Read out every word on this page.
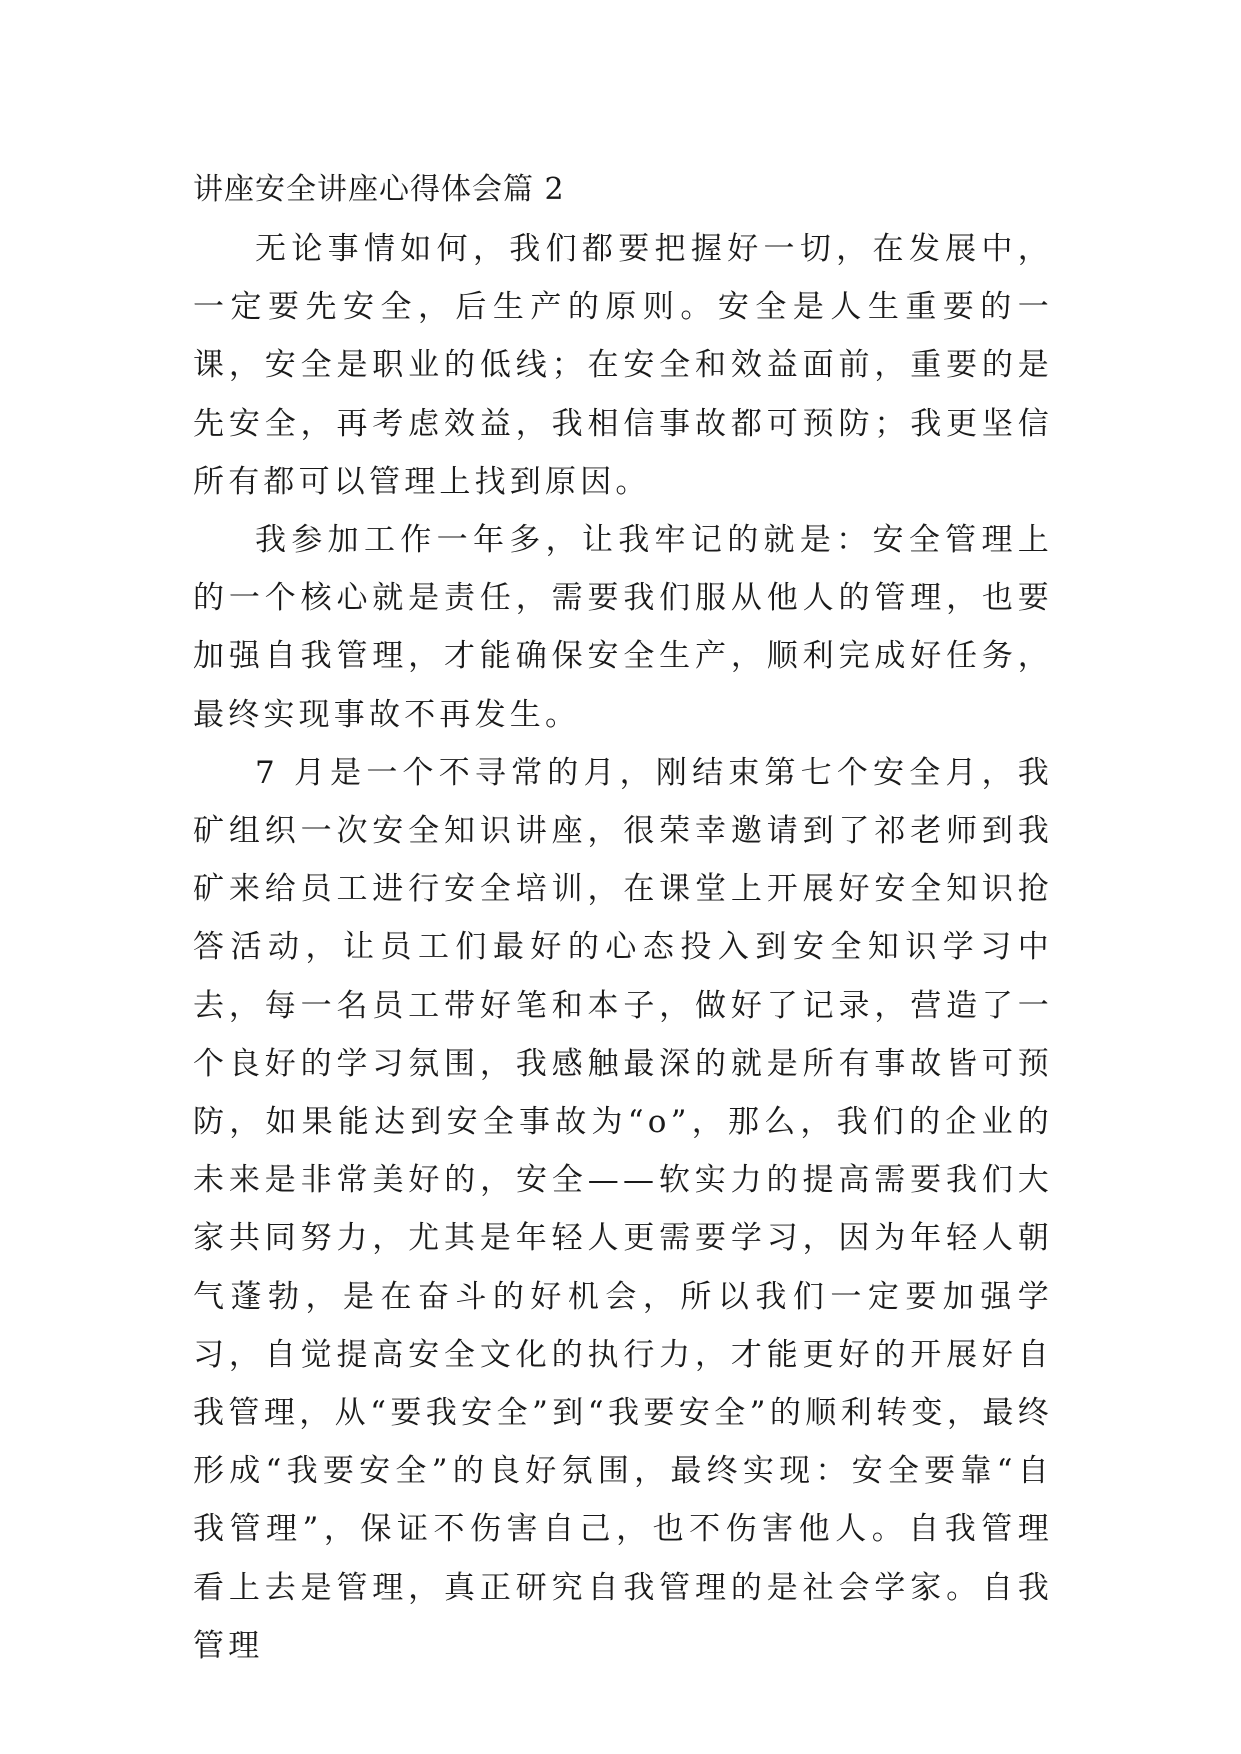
讲座安全讲座心得体会篇 2

无论事情如何，我们都要把握好一切，在发展中，一定要先安全，后生产的原则。安全是人生重要的一课，安全是职业的低线；在安全和效益面前，重要的是先安全，再考虑效益，我相信事故都可预防；我更坚信所有都可以管理上找到原因。

我参加工作一年多，让我牢记的就是：安全管理上的一个核心就是责任，需要我们服从他人的管理，也要加强自我管理，才能确保安全生产，顺利完成好任务，最终实现事故不再发生。

7 月是一个不寻常的月，刚结束第七个安全月，我矿组织一次安全知识讲座，很荣幸邀请到了祁老师到我矿来给员工进行安全培训，在课堂上开展好安全知识抢答活动，让员工们最好的心态投入到安全知识学习中去，每一名员工带好笔和本子，做好了记录，营造了一个良好的学习氛围，我感触最深的就是所有事故皆可预防，如果能达到安全事故为“o”，那么，我们的企业的未来是非常美好的，安全——软实力的提高需要我们大家共同努力，尤其是年轻人更需要学习，因为年轻人朝气蓬勃，是在奋斗的好机会，所以我们一定要加强学习，自觉提高安全文化的执行力，才能更好的开展好自我管理，从“要我安全”到“我要安全”的顺利转变，最终形成“我要安全”的良好氛围，最终实现：安全要靠“自我管理”，保证不伤害自己，也不伤害他人。自我管理看上去是管理，真正研究自我管理的是社会学家。自我管理
